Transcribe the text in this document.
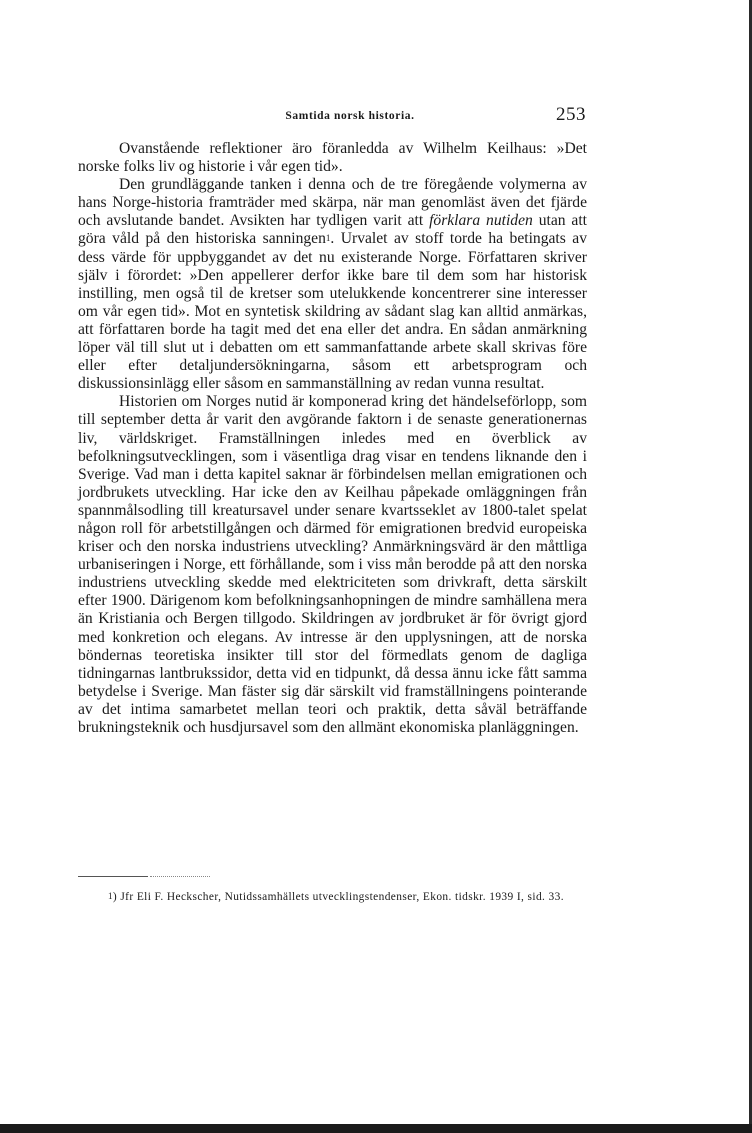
Samtida norsk historia.	253

Ovanstående reflektioner äro föranledda av Wilhelm Keilhaus: »Det norske folks liv og historie i vår egen tid».

Den grundläggande tanken i denna och de tre föregående volymerna av hans Norge-historia framträder med skärpa, när man genomläst även det fjärde och avslutande bandet. Avsikten har tydligen varit att förklara nutiden utan att göra våld på den historiska sanningen$^1$. Urvalet av stoff torde ha betingats av dess värde för uppbyggandet av det nu existerande Norge. Författaren skriver själv i förordet: »Den appellerer derfor ikke bare til dem som har historisk instilling, men også til de kretser som utelukkende koncentrerer sine interesser om vår egen tid». Mot en syntetisk skildring av sådant slag kan alltid anmärkas, att författaren borde ha tagit med det ena eller det andra. En sådan anmärkning löper väl till slut ut i debatten om ett sammanfattande arbete skall skrivas före eller efter detaljundersökningarna, såsom ett arbetsprogram och diskussionsinlägg eller såsom en sammanställning av redan vunna resultat.

Historien om Norges nutid är komponerad kring det händelseförlopp, som till september detta år varit den avgörande faktorn i de senaste generationernas liv, världskriget. Framställningen inledes med en överblick av befolkningsutvecklingen, som i väsentliga drag visar en tendens liknande den i Sverige. Vad man i detta kapitel saknar är förbindelsen mellan emigrationen och jordbrukets utveckling. Har icke den av Keilhau påpekade omläggningen från spannmålsodling till kreatursavel under senare kvartsseklet av 1800-talet spelat någon roll för arbetstillgången och därmed för emigrationen bredvid europeiska kriser och den norska industriens utveckling? Anmärkningsvärd är den måttliga urbaniseringen i Norge, ett förhållande, som i viss mån berodde på att den norska industriens utveckling skedde med elektriciteten som drivkraft, detta särskilt efter 1900. Därigenom kom befolkningsanhopningen de mindre samhällena mera än Kristiania och Bergen tillgodo. Skildringen av jordbruket är för övrigt gjord med konkretion och elegans. Av intresse är den upplysningen, att de norska böndernas teoretiska insikter till stor del förmedlats genom de dagliga tidningarnas lantbrukssidor, detta vid en tidpunkt, då dessa ännu icke fått samma betydelse i Sverige. Man fäster sig där särskilt vid framställningens pointerande av det intima samarbetet mellan teori och praktik, detta såväl beträffande brukningsteknik och husdjursavel som den allmänt ekonomiska planläggningen.

$^1$) Jfr Eli F. Heckscher, Nutidssamhällets utvecklingstendenser, Ekon. tidskr. 1939 I, sid. 33.
